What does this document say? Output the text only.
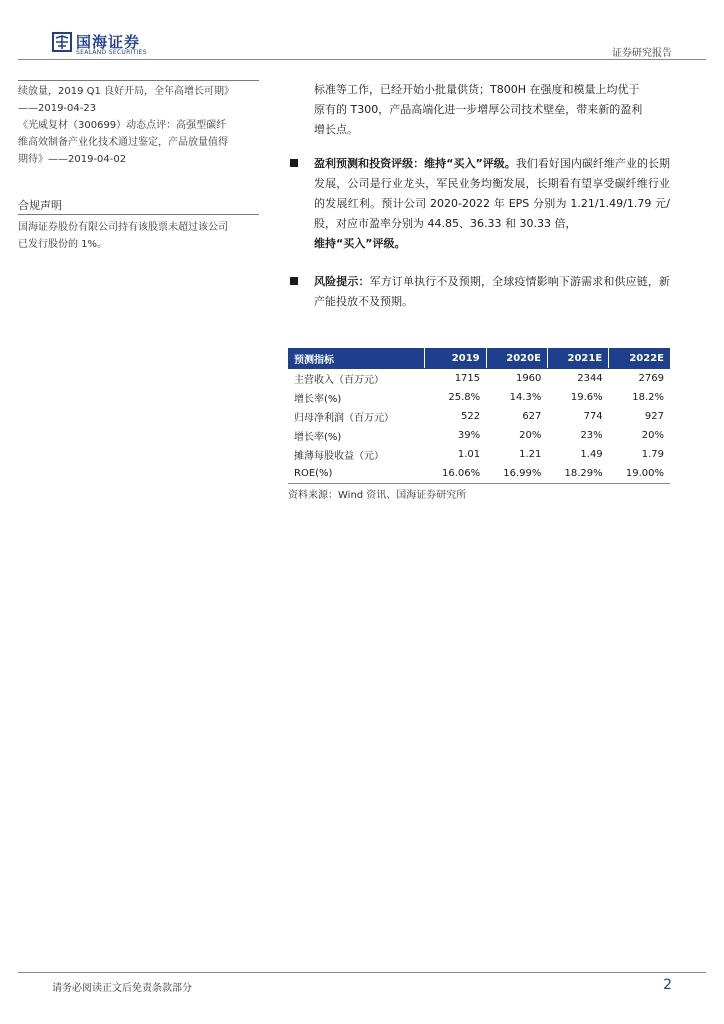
国海证券
SEALAND SECURITIES	证券研究报告

续放量，2019 Q1 良好开局，全年高增长可期》

——2019-04-23

《光威复材（300699）动态点评：高强型碳纤

维高效制备产业化技术通过鉴定，产品放量值得

期待》——2019-04-02

合规声明

国海证券股份有限公司持有该股票未超过该公司

已发行股份的 1%。

标准等工作，已经开始小批量供货；T800H 在强度和模量上均优于
原有的 T300，产品高端化进一步增厚公司技术壁垒，带来新的盈利
增长点。
盈利预测和投资评级：维持“买入”评级。我们看好国内碳纤维产业的长期发展，公司是行业龙头，军民业务均衡发展，长期看有望享受碳纤维行业的发展红利。预计公司 2020-2022 年 EPS 分别为 1.21/1.49/1.79 元/股，对应市盈率分别为 44.85、36.33 和 30.33 倍，
维持“买入”评级。
风险提示：军方订单执行不及预期，全球疫情影响下游需求和供应链，新产能投放不及预期。
预测指标	2019	2020E	2021E	2022E
主营收入（百万元）	1715	1960	2344	2769
增长率(%)	25.8%	14.3%	19.6%	18.2%
归母净利润（百万元）	522	627	774	927
增长率(%)	39%	20%	23%	20%
摊薄每股收益（元）	1.01	1.21	1.49	1.79
ROE(%)	16.06%	16.99%	18.29%	19.00%
资料来源：Wind 资讯、国海证券研究所
请务必阅读正文后免责条款部分	2
